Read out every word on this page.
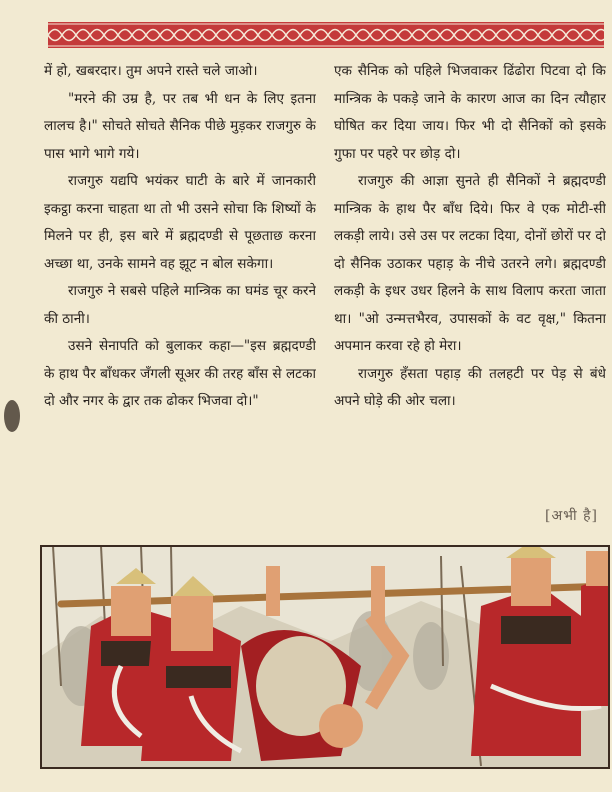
में हो, खबरदार। तुम अपने रास्ते चले जाओ।

"मरने की उम्र है, पर तब भी धन के लिए इतना लालच है।" सोचते सोचते सैनिक पीछे मुड़कर राजगुरु के पास भागे भागे गये।

राजगुरु यद्यपि भयंकर घाटी के बारे में जानकारी इकट्ठा करना चाहता था तो भी उसने सोचा कि शिष्यों के मिलने पर ही, इस बारे में ब्रह्मदण्डी से पूछताछ करना अच्छा था, उनके सामने वह झूट न बोल सकेगा।

राजगुरु ने सबसे पहिले मान्त्रिक का घमंड चूर करने की ठानी।

उसने सेनापति को बुलाकर कहा—"इस ब्रह्मदण्डी के हाथ पैर बाँधकर जँगली सूअर की तरह बाँस से लटका दो और नगर के द्वार तक ढोकर भिजवा दो।"

एक सैनिक को पहिले भिजवाकर ढिंढोरा पिटवा दो कि मान्त्रिक के पकड़े जाने के कारण आज का दिन त्यौहार घोषित कर दिया जाय। फिर भी दो सैनिकों को इसके गुफा पर पहरे पर छोड़ दो।

राजगुरु की आज्ञा सुनते ही सैनिकों ने ब्रह्मदण्डी मान्त्रिक के हाथ पैर बाँध दिये। फिर वे एक मोटी-सी लकड़ी लाये। उसे उस पर लटका दिया, दोनों छोरों पर दो दो सैनिक उठाकर पहाड़ के नीचे उतरने लगे। ब्रह्मदण्डी लकड़ी के इधर उधर हिलने के साथ विलाप करता जाता था। "ओ उन्मत्तभैरव, उपासकों के वट वृक्ष," कितना अपमान करवा रहे हो मेरा।

राजगुरु हँसता पहाड़ की तलहटी पर पेड़ से बंधे अपने घोड़े की ओर चला।

[अभी है]
